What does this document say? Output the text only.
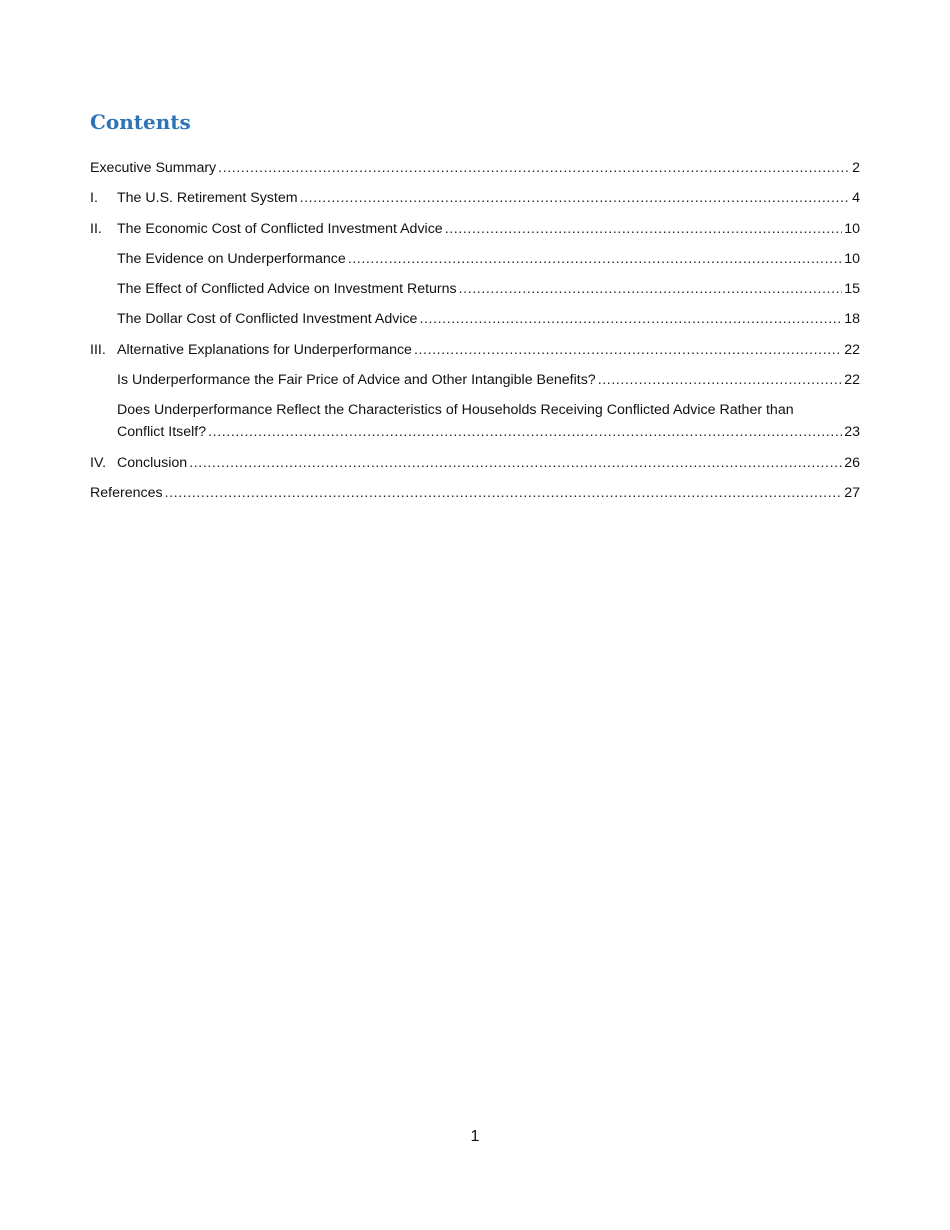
Contents
Executive Summary .....	2
I.	The U.S. Retirement System .....	4
II.	The Economic Cost of Conflicted Investment Advice .....	10
The Evidence on Underperformance .....	10
The Effect of Conflicted Advice on Investment Returns .....	15
The Dollar Cost of Conflicted Investment Advice .....	18
III. Alternative Explanations for Underperformance .....	22
Is Underperformance the Fair Price of Advice and Other Intangible Benefits? .....	22
Does Underperformance Reflect the Characteristics of Households Receiving Conflicted Advice Rather than
Conflict Itself? .....	23
IV. Conclusion .....	26
References .....	27
1
